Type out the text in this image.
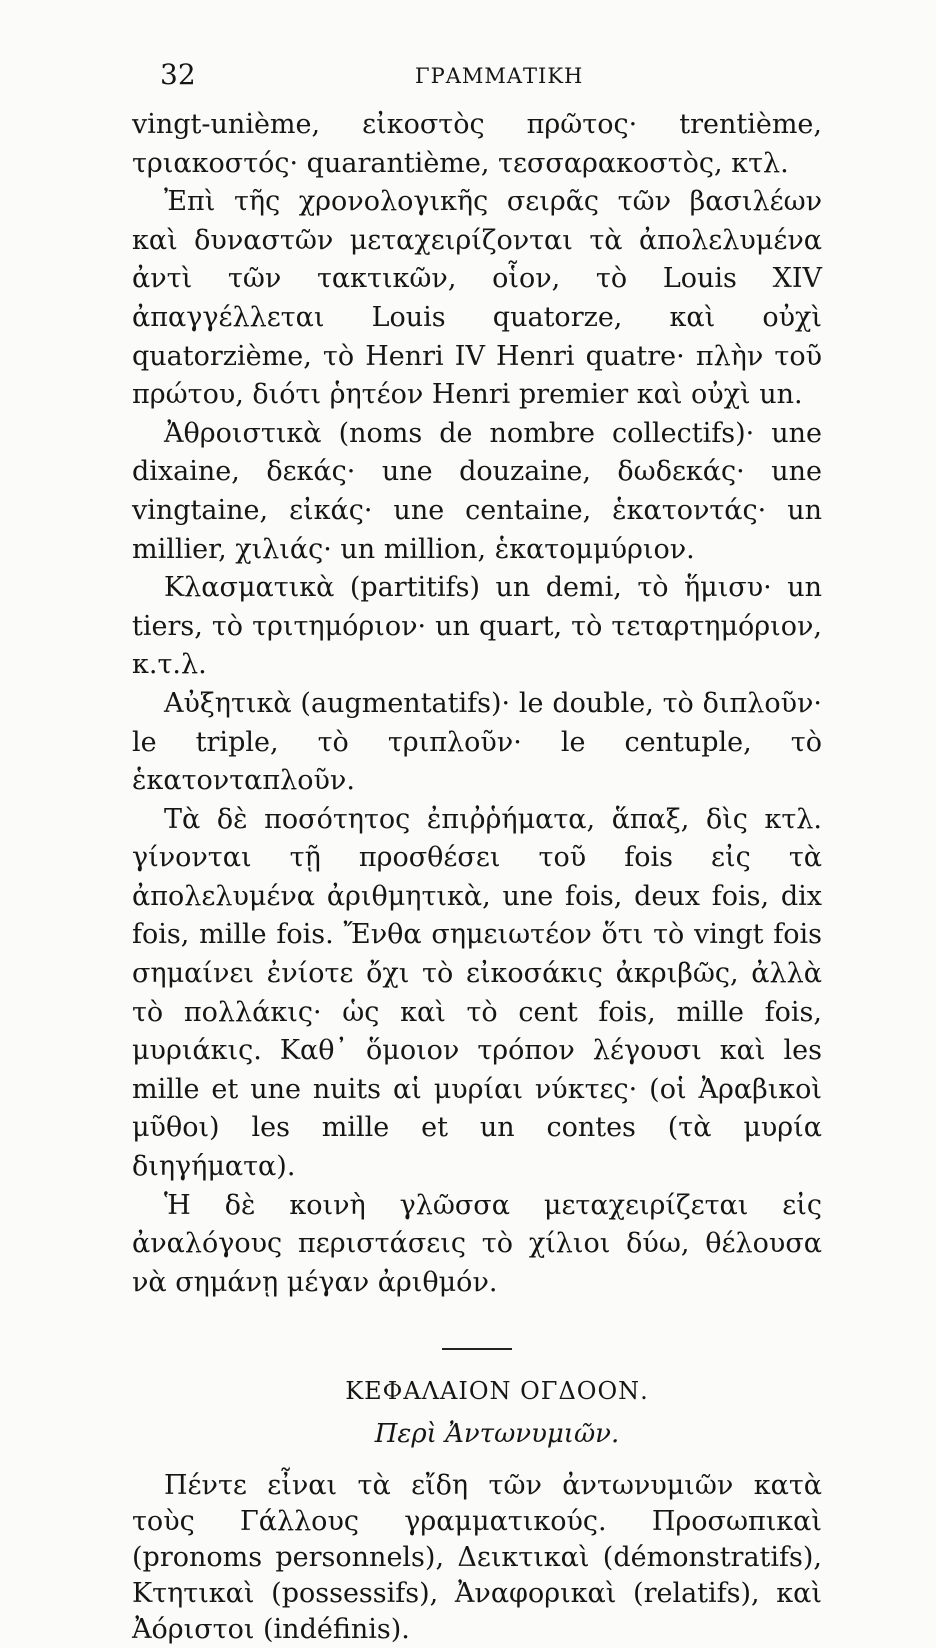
32	ΓΡΑΜΜΑΤΙΚΗ

vingt-unième, εἰκοστὸς πρῶτος· trentième, τριακοστός· quarantième, τεσσαρακοστὸς, κτλ.

Ἐπὶ τῆς χρονολογικῆς σειρᾶς τῶν βασιλέων καὶ δυναστῶν μεταχειρίζονται τὰ ἀπολελυμένα ἀντὶ τῶν τακτικῶν, οἷον, τὸ Louis XIV ἀπαγγέλλεται Louis quatorze, καὶ οὐχὶ quatorzième, τὸ Henri IV Henri quatre· πλὴν τοῦ πρώτου, διότι ῥητέον Henri premier καὶ οὐχὶ un.

Ἀθροιστικὰ (noms de nombre collectifs)· une dixaine, δεκάς· une douzaine, δωδεκάς· une vingtaine, εἰκάς· une centaine, ἑκατοντάς· un millier, χιλιάς· un million, ἑκατομμύριον.

Κλασματικὰ (partitifs) un demi, τὸ ἥμισυ· un tiers, τὸ τριτημόριον· un quart, τὸ τεταρτημόριον, κ.τ.λ.

Αὐξητικὰ (augmentatifs)· le double, τὸ διπλοῦν· le triple, τὸ τριπλοῦν· le centuple, τὸ ἑκατονταπλοῦν.

Τὰ δὲ ποσότητος ἐπιῤῥήματα, ἅπαξ, δὶς κτλ. γίνονται τῇ προσθέσει τοῦ fois εἰς τὰ ἀπολελυμένα ἀριθμητικὰ, une fois, deux fois, dix fois, mille fois. Ἔνθα σημειωτέον ὅτι τὸ vingt fois σημαίνει ἐνίοτε ὄχι τὸ εἰκοσάκις ἀκριβῶς, ἀλλὰ τὸ πολλάκις· ὡς καὶ τὸ cent fois, mille fois, μυριάκις. Καθ᾽ ὅμοιον τρόπον λέγουσι καὶ les mille et une nuits αἱ μυρίαι νύκτες· (οἱ Ἀραβικοὶ μῦθοι) les mille et un contes (τὰ μυρία διηγήματα).

Ἡ δὲ κοινὴ γλῶσσα μεταχειρίζεται εἰς ἀναλόγους περιστάσεις τὸ χίλιοι δύω, θέλουσα νὰ σημάνῃ μέγαν ἀριθμόν.

ΚΕΦΑΛΑΙΟΝ ΟΓΔΟΟΝ.
Περὶ Ἀντωνυμιῶν.

Πέντε εἶναι τὰ εἴδη τῶν ἀντωνυμιῶν κατὰ τοὺς Γάλλους γραμματικούς. Προσωπικαὶ (pronoms personnels), Δεικτικαὶ (démonstratifs), Κτητικαὶ (possessifs), Ἀναφορικαὶ (relatifs), καὶ Ἀόριστοι (indéfinis).
